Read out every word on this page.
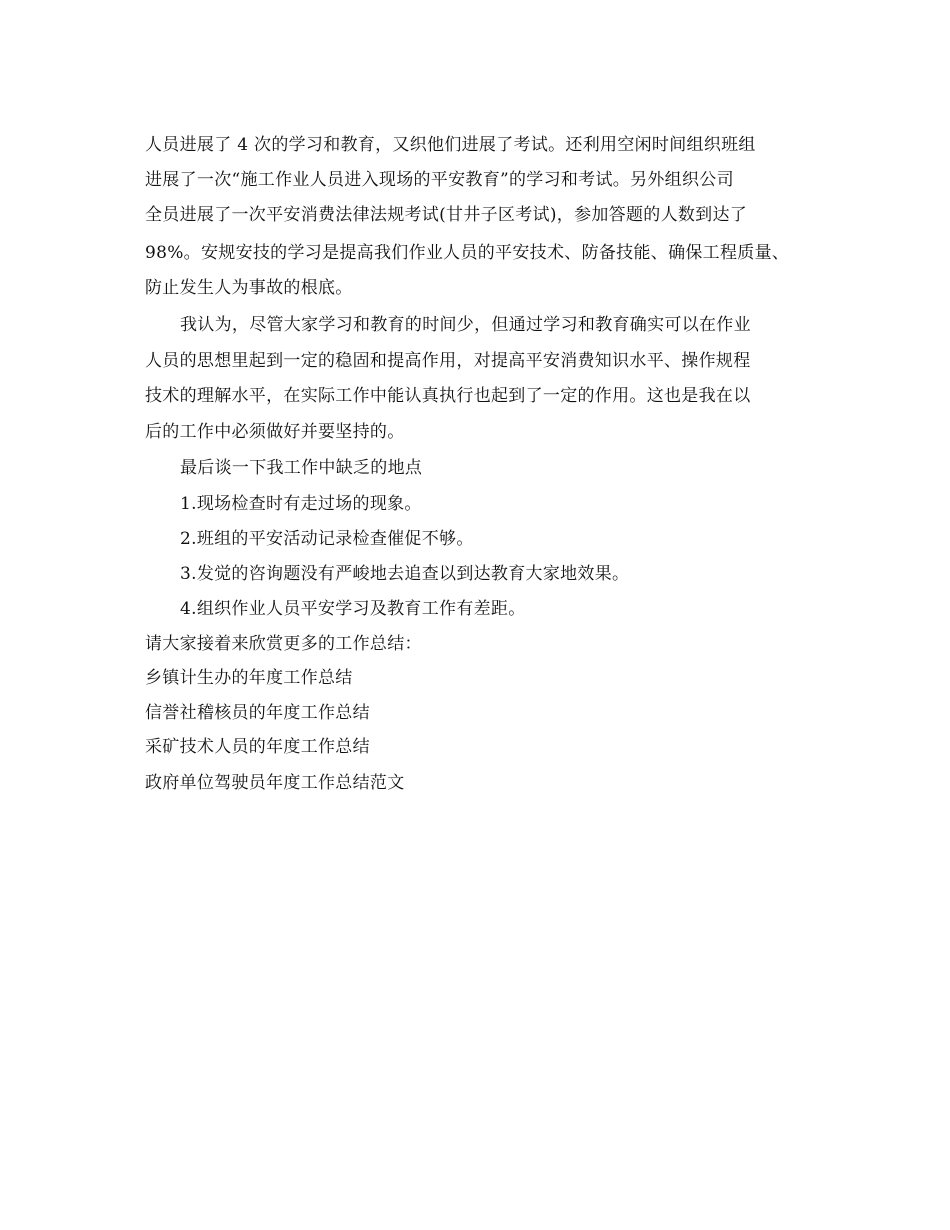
人员进展了 4 次的学习和教育，又织他们进展了考试。还利用空闲时间组织班组
进展了一次“施工作业人员进入现场的平安教育”的学习和考试。另外组织公司
全员进展了一次平安消费法律法规考试(甘井子区考试)，参加答题的人数到达了
98%。安规安技的学习是提高我们作业人员的平安技术、防备技能、确保工程质量、
防止发生人为事故的根底。
我认为，尽管大家学习和教育的时间少，但通过学习和教育确实可以在作业
人员的思想里起到一定的稳固和提高作用，对提高平安消费知识水平、操作规程
技术的理解水平，在实际工作中能认真执行也起到了一定的作用。这也是我在以
后的工作中必须做好并要坚持的。
最后谈一下我工作中缺乏的地点
1.现场检查时有走过场的现象。
2.班组的平安活动记录检查催促不够。
3.发觉的咨询题没有严峻地去追查以到达教育大家地效果。
4.组织作业人员平安学习及教育工作有差距。
请大家接着来欣赏更多的工作总结：
乡镇计生办的年度工作总结
信誉社稽核员的年度工作总结
采矿技术人员的年度工作总结
政府单位驾驶员年度工作总结范文
